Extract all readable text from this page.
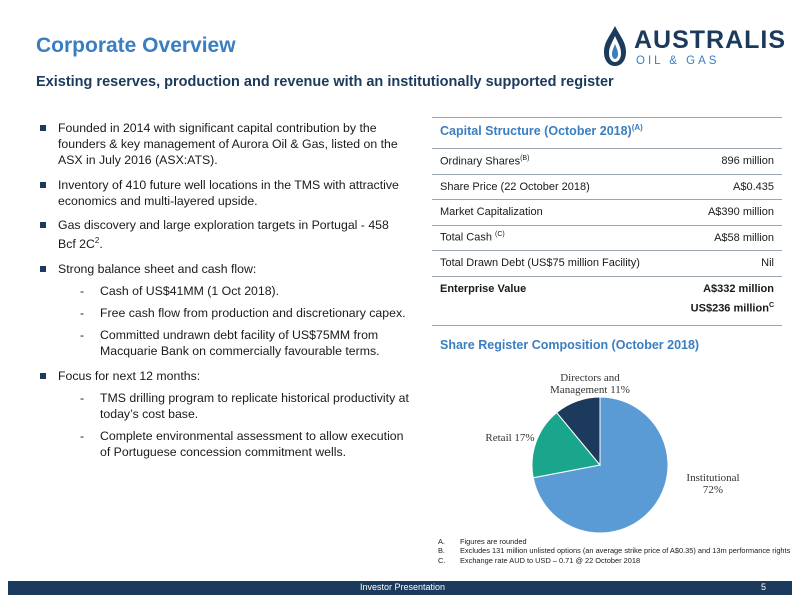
Corporate Overview
Existing reserves, production and revenue with an institutionally supported register
AUSTRALIS
OIL & GAS
Founded in 2014 with significant capital contribution by the founders & key management of Aurora Oil & Gas, listed on the ASX in July 2016 (ASX:ATS).
Inventory of 410 future well locations in the TMS with attractive economics and multi-layered upside.
Gas discovery and large exploration targets in Portugal - 458 Bcf $2C^2$.
Strong balance sheet and cash flow:
- Cash of US$41MM (1 Oct 2018).
- Free cash flow from production and discretionary capex.
- Committed undrawn debt facility of US$75MM from Macquarie Bank on commercially favourable terms.
Focus for next 12 months:
- TMS drilling program to replicate historical productivity at today’s cost base.
- Complete environmental assessment to allow execution of Portuguese concession commitment wells.
Capital Structure (October 2018)$^{(A)}$
Ordinary Shares$^{(B)}$	896 million
Share Price (22 October 2018)	A$0.435
Market Capitalization	A$390 million
Total Cash $^{(C)}$	A$58 million
Total Drawn Debt (US$75 million Facility)	Nil
Enterprise Value	A$332 million
US$236 million$^C$
Share Register Composition (October 2018)
Institutional
72%
Retail 17%
Directors and
Management 11%
A.	Figures are rounded
B.	Excludes 131 million unlisted options (an average strike price of A$0.35) and 13m performance rights
C.	Exchange rate AUD to USD – 0.71 @ 22 October 2018
Investor Presentation	5
